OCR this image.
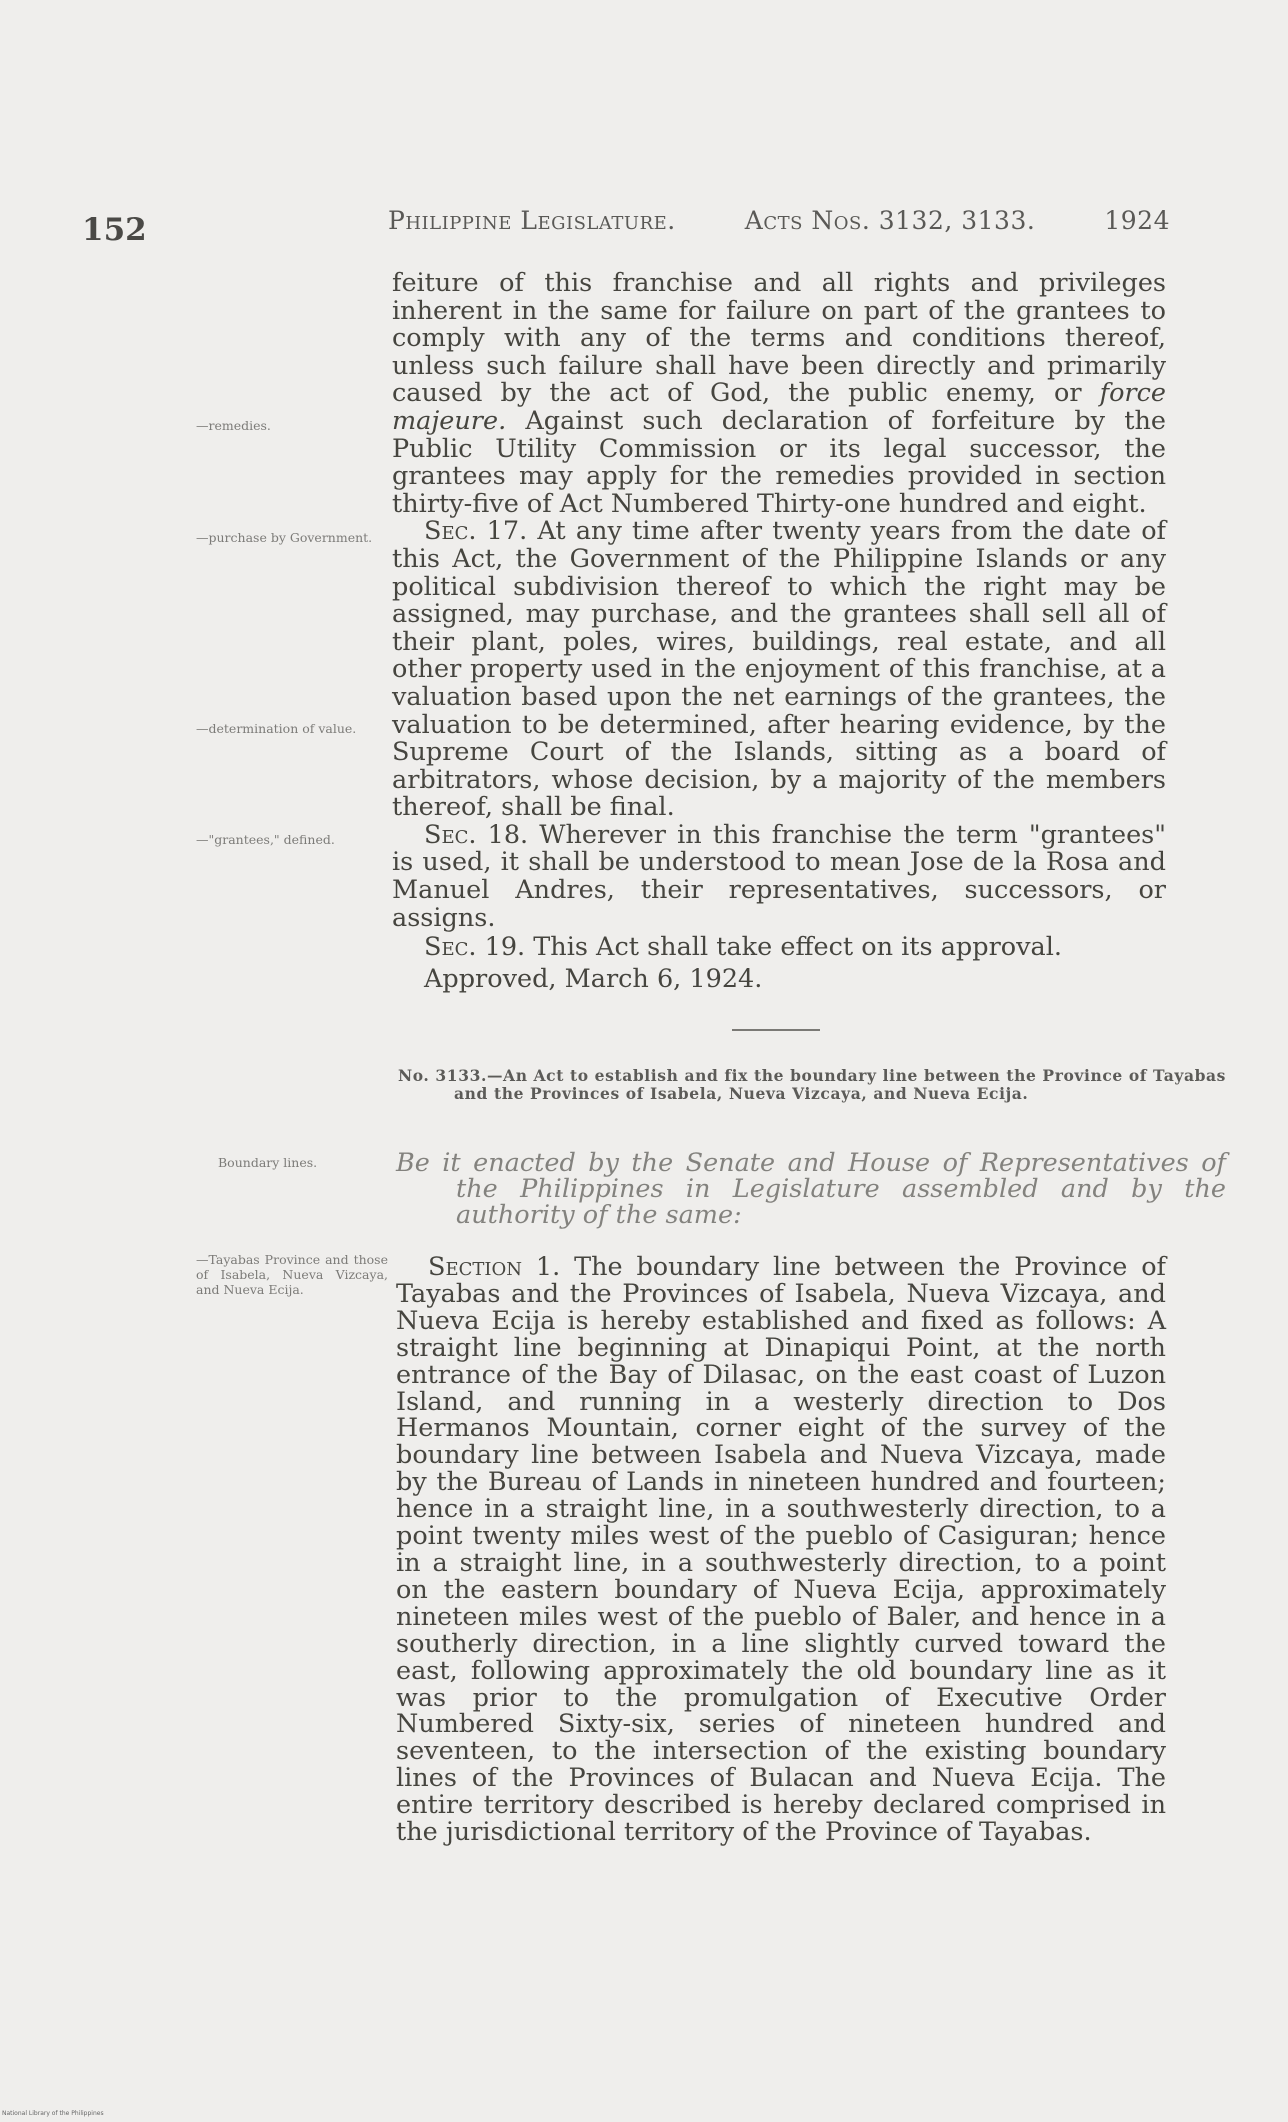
152	Philippine Legislature.	Acts Nos. 3132, 3133.	1924

feiture of this franchise and all rights and privileges inherent in the same for failure on part of the grantees to comply with any of the terms and conditions thereof, unless such failure shall have been directly and primarily caused by the act of God, the public enemy, or force majeure. Against such declaration of forfeiture by the Public Utility Commission or its legal successor, the grantees may apply for the remedies provided in section thirty-five of Act Numbered Thirty-one hundred and eight.

Sec. 17. At any time after twenty years from the date of this Act, the Government of the Philippine Islands or any political subdivision thereof to which the right may be assigned, may purchase, and the grantees shall sell all of their plant, poles, wires, buildings, real estate, and all other property used in the enjoyment of this franchise, at a valuation based upon the net earnings of the grantees, the valuation to be determined, after hearing evidence, by the Supreme Court of the Islands, sitting as a board of arbitrators, whose decision, by a majority of the members thereof, shall be final.

Sec. 18. Wherever in this franchise the term "grantees" is used, it shall be understood to mean Jose de la Rosa and Manuel Andres, their representatives, successors, or assigns.

Sec. 19. This Act shall take effect on its approval.

Approved, March 6, 1924.

—remedies.
—purchase by Government.
—determination of value.
—"grantees," defined.
Boundary lines.
—Tayabas Province and those of Isabela, Nueva Vizcaya, and Nueva Ecija.
No. 3133.—An Act to establish and fix the boundary line between the Province of Tayabas and the Provinces of Isabela, Nueva Vizcaya, and Nueva Ecija.
Be it enacted by the Senate and House of Representatives of the Philippines in Legislature assembled and by the authority of the same:

Section 1. The boundary line between the Province of Tayabas and the Provinces of Isabela, Nueva Vizcaya, and Nueva Ecija is hereby established and fixed as follows: A straight line beginning at Dinapiqui Point, at the north entrance of the Bay of Dilasac, on the east coast of Luzon Island, and running in a westerly direction to Dos Hermanos Mountain, corner eight of the survey of the boundary line between Isabela and Nueva Vizcaya, made by the Bureau of Lands in nineteen hundred and fourteen; hence in a straight line, in a southwesterly direction, to a point twenty miles west of the pueblo of Casiguran; hence in a straight line, in a southwesterly direction, to a point on the eastern boundary of Nueva Ecija, approximately nineteen miles west of the pueblo of Baler, and hence in a southerly direction, in a line slightly curved toward the east, following approximately the old boundary line as it was prior to the promulgation of Executive Order Numbered Sixty-six, series of nineteen hundred and seventeen, to the intersection of the existing boundary lines of the Provinces of Bulacan and Nueva Ecija. The entire territory described is hereby declared comprised in the jurisdictional territory of the Province of Tayabas.

National Library of the Philippines
